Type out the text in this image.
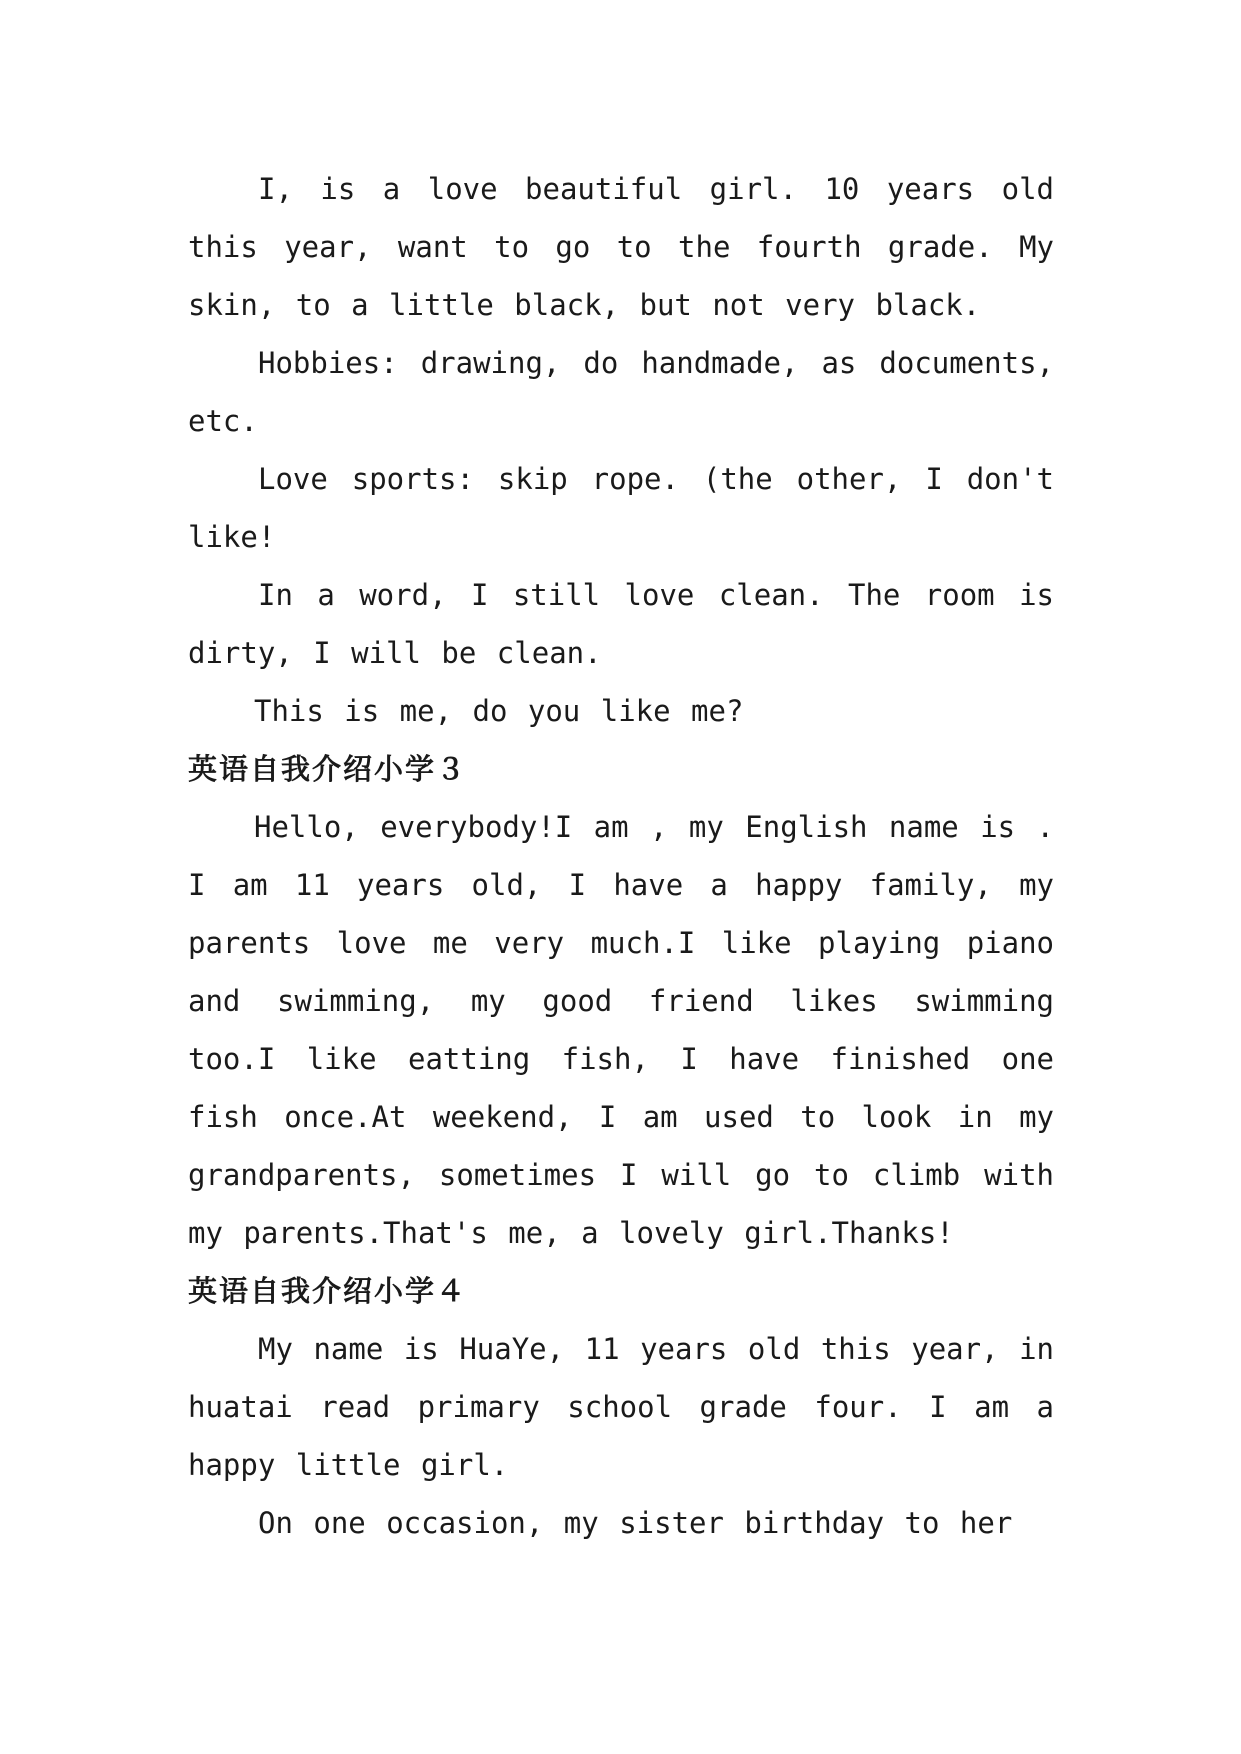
I, is a love beautiful girl. 10 years old this year, want to go to the fourth grade. My skin, to a little black, but not very black.

Hobbies: drawing, do handmade, as documents, etc.

Love sports: skip rope. (the other, I don't like!

In a word, I still love clean. The room is dirty, I will be clean.

This is me, do you like me?

英语自我介绍小学３

Hello, everybody!I am , my English name is . I am 11 years old, I have a happy family, my parents love me very much.I like playing piano and swimming, my good friend likes swimming too.I like eatting fish, I have finished one fish once.At weekend, I am used to look in my grandparents, sometimes I will go to climb with my parents.That's me, a lovely girl.Thanks!

英语自我介绍小学４

My name is HuaYe, 11 years old this year, in huatai read primary school grade four. I am a happy little girl.

On one occasion, my sister birthday to her
